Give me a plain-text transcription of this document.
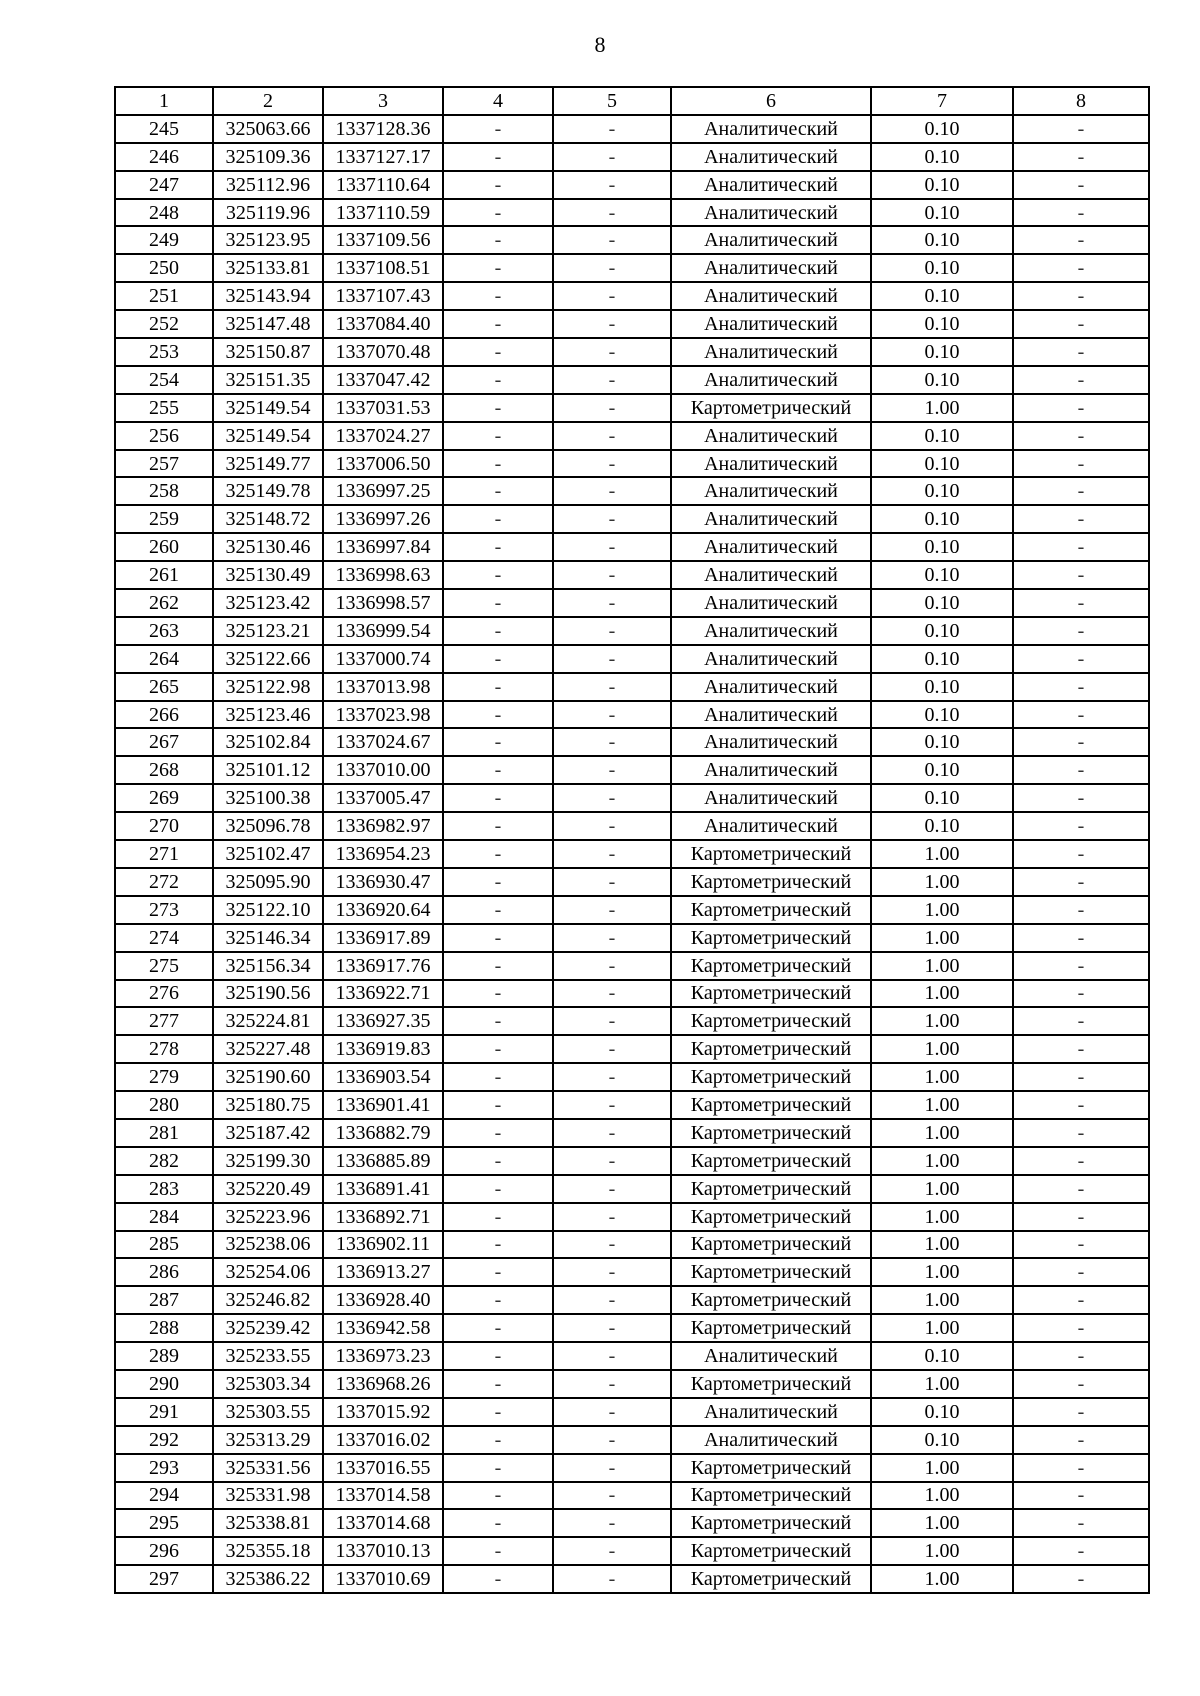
8
1	2	3	4	5	6	7	8
245	325063.66	1337128.36	-	-	Аналитический	0.10	-
246	325109.36	1337127.17	-	-	Аналитический	0.10	-
247	325112.96	1337110.64	-	-	Аналитический	0.10	-
248	325119.96	1337110.59	-	-	Аналитический	0.10	-
249	325123.95	1337109.56	-	-	Аналитический	0.10	-
250	325133.81	1337108.51	-	-	Аналитический	0.10	-
251	325143.94	1337107.43	-	-	Аналитический	0.10	-
252	325147.48	1337084.40	-	-	Аналитический	0.10	-
253	325150.87	1337070.48	-	-	Аналитический	0.10	-
254	325151.35	1337047.42	-	-	Аналитический	0.10	-
255	325149.54	1337031.53	-	-	Картометрический	1.00	-
256	325149.54	1337024.27	-	-	Аналитический	0.10	-
257	325149.77	1337006.50	-	-	Аналитический	0.10	-
258	325149.78	1336997.25	-	-	Аналитический	0.10	-
259	325148.72	1336997.26	-	-	Аналитический	0.10	-
260	325130.46	1336997.84	-	-	Аналитический	0.10	-
261	325130.49	1336998.63	-	-	Аналитический	0.10	-
262	325123.42	1336998.57	-	-	Аналитический	0.10	-
263	325123.21	1336999.54	-	-	Аналитический	0.10	-
264	325122.66	1337000.74	-	-	Аналитический	0.10	-
265	325122.98	1337013.98	-	-	Аналитический	0.10	-
266	325123.46	1337023.98	-	-	Аналитический	0.10	-
267	325102.84	1337024.67	-	-	Аналитический	0.10	-
268	325101.12	1337010.00	-	-	Аналитический	0.10	-
269	325100.38	1337005.47	-	-	Аналитический	0.10	-
270	325096.78	1336982.97	-	-	Аналитический	0.10	-
271	325102.47	1336954.23	-	-	Картометрический	1.00	-
272	325095.90	1336930.47	-	-	Картометрический	1.00	-
273	325122.10	1336920.64	-	-	Картометрический	1.00	-
274	325146.34	1336917.89	-	-	Картометрический	1.00	-
275	325156.34	1336917.76	-	-	Картометрический	1.00	-
276	325190.56	1336922.71	-	-	Картометрический	1.00	-
277	325224.81	1336927.35	-	-	Картометрический	1.00	-
278	325227.48	1336919.83	-	-	Картометрический	1.00	-
279	325190.60	1336903.54	-	-	Картометрический	1.00	-
280	325180.75	1336901.41	-	-	Картометрический	1.00	-
281	325187.42	1336882.79	-	-	Картометрический	1.00	-
282	325199.30	1336885.89	-	-	Картометрический	1.00	-
283	325220.49	1336891.41	-	-	Картометрический	1.00	-
284	325223.96	1336892.71	-	-	Картометрический	1.00	-
285	325238.06	1336902.11	-	-	Картометрический	1.00	-
286	325254.06	1336913.27	-	-	Картометрический	1.00	-
287	325246.82	1336928.40	-	-	Картометрический	1.00	-
288	325239.42	1336942.58	-	-	Картометрический	1.00	-
289	325233.55	1336973.23	-	-	Аналитический	0.10	-
290	325303.34	1336968.26	-	-	Картометрический	1.00	-
291	325303.55	1337015.92	-	-	Аналитический	0.10	-
292	325313.29	1337016.02	-	-	Аналитический	0.10	-
293	325331.56	1337016.55	-	-	Картометрический	1.00	-
294	325331.98	1337014.58	-	-	Картометрический	1.00	-
295	325338.81	1337014.68	-	-	Картометрический	1.00	-
296	325355.18	1337010.13	-	-	Картометрический	1.00	-
297	325386.22	1337010.69	-	-	Картометрический	1.00	-
